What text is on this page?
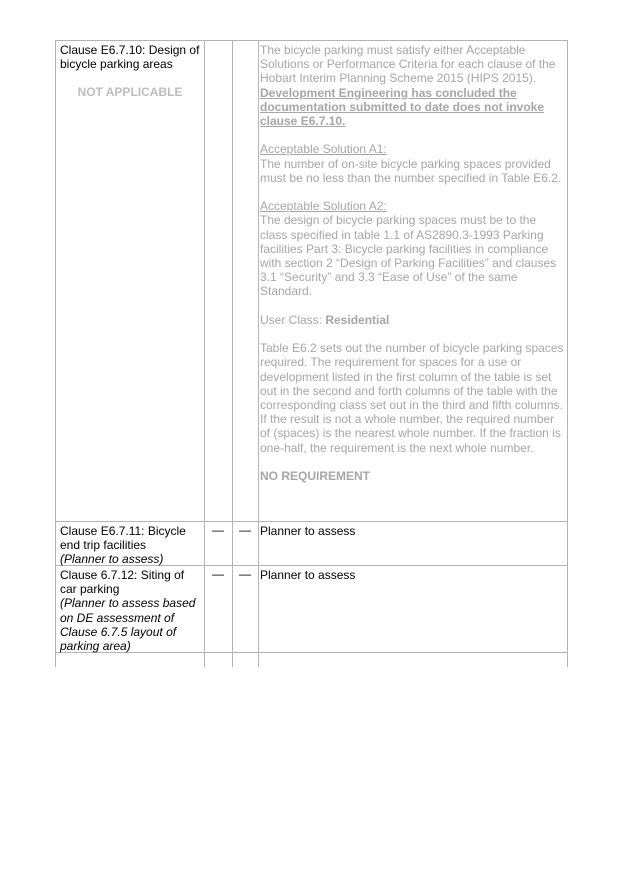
Clause E6.7.10: Design of bicycle parking areas

NOT APPLICABLE

The bicycle parking must satisfy either Acceptable Solutions or Performance Criteria for each clause of the Hobart Interim Planning Scheme 2015 (HIPS 2015).

Development Engineering has concluded the documentation submitted to date does not invoke clause E6.7.10.

Acceptable Solution A1:

The number of on-site bicycle parking spaces provided must be no less than the number specified in Table E6.2.

Acceptable Solution A2:

The design of bicycle parking spaces must be to the class specified in table 1.1 of AS2890.3-1993 Parking facilities Part 3: Bicycle parking facilities in compliance with section 2 “Design of Parking Facilities” and clauses 3.1 “Security” and 3.3 “Ease of Use” of the same Standard.

User Class: Residential

Table E6.2 sets out the number of bicycle parking spaces required. The requirement for spaces for a use or development listed in the first column of the table is set out in the second and forth columns of the table with the corresponding class set out in the third and fifth columns. If the result is not a whole number, the required number of (spaces) is the nearest whole number. If the fraction is one-half, the requirement is the next whole number.

NO REQUIREMENT

Clause E6.7.11: Bicycle end trip facilities

(Planner to assess)

—	— Planner to assess

Clause 6.7.12: Siting of car parking

(Planner to assess based on DE assessment of Clause 6.7.5 layout of parking area)

—	— Planner to assess
